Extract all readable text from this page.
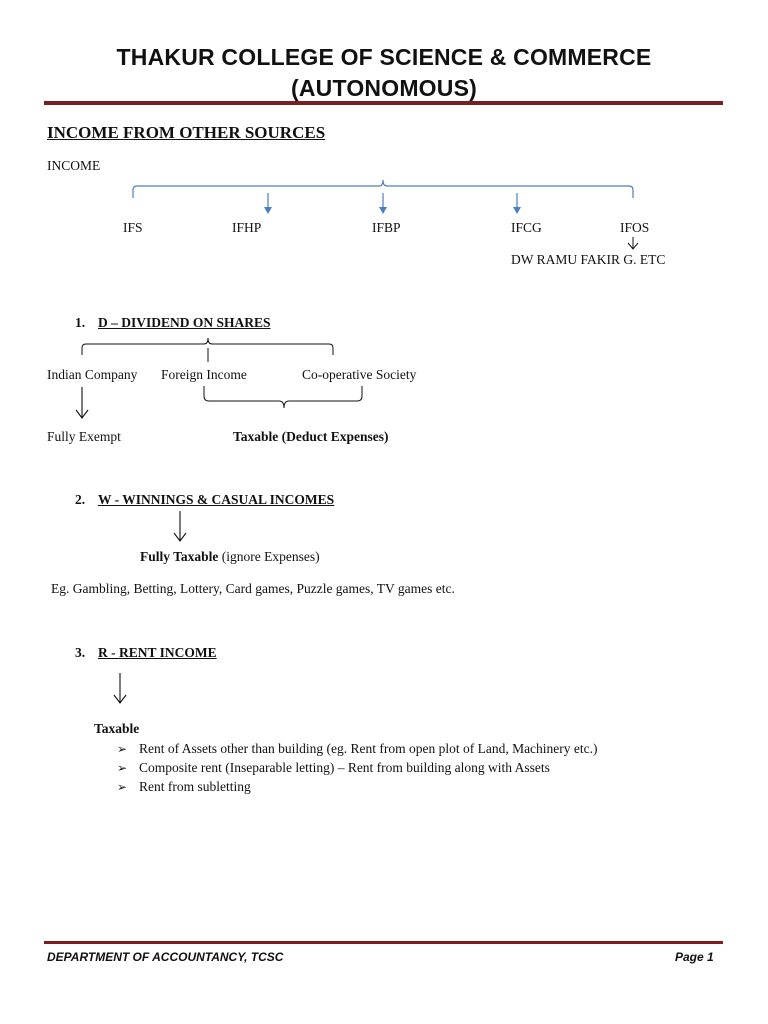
THAKUR COLLEGE OF SCIENCE & COMMERCE
(AUTONOMOUS)
INCOME FROM OTHER SOURCES
INCOME
IFS	IFHP	IFBP	IFCG	IFOS
DW RAMU FAKIR G. ETC
1. D – DIVIDEND ON SHARES
Indian Company Foreign Income	Co-operative Society
Fully Exempt	Taxable (Deduct Expenses)
2. W - WINNINGS & CASUAL INCOMES
Fully Taxable (ignore Expenses)
Eg. Gambling, Betting, Lottery, Card games, Puzzle games, TV games etc.
3. R - RENT INCOME
Taxable
➢ Rent of Assets other than building (eg. Rent from open plot of Land, Machinery etc.)
➢ Composite rent (Inseparable letting) – Rent from building along with Assets
➢ Rent from subletting
DEPARTMENT OF ACCOUNTANCY, TCSC	Page 1
